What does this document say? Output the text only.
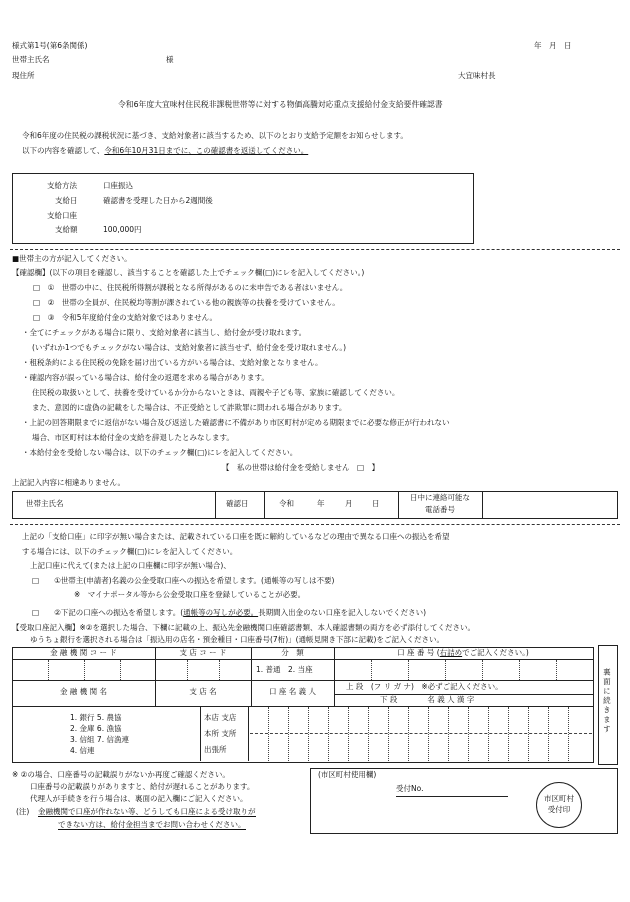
様式第1号(第6条関係)	年　月　日
世帯主氏名	様
現住所	大宜味村長
令和6年度大宜味村住民税非課税世帯等に対する物価高騰対応重点支援給付金支給要件確認書
令和6年度の住民税の課税状況に基づき、支給対象者に該当するため、以下のとおり支給予定額をお知らせします。
以下の内容を確認して、令和6年10月31日までに、この確認書を返送してください。
支給方法	口座振込
支給日	確認書を受理した日から2週間後
支給口座
支給額	100,000円
■世帯主の方が記入してください。
【確認欄】(以下の項目を確認し、該当することを確認した上でチェック欄(□)にレを記入してください。)
□　①　世帯の中に、住民税所得割が課税となる所得があるのに未申告である者はいません。
□　②　世帯の全員が、住民税均等割が課されている他の親族等の扶養を受けていません。
□　③　令和5年度給付金の支給対象ではありません。
・全てにチェックがある場合に限り、支給対象者に該当し、給付金が受け取れます。
(いずれか1つでもチェックがない場合は、支給対象者に該当せず、給付金を受け取れません。)
・租税条約による住民税の免除を届け出ている方がいる場合は、支給対象となりません。
・確認内容が誤っている場合は、給付金の返還を求める場合があります。
住民税の取扱いとして、扶養を受けているか分からないときは、両親や子ども等、家族に確認してください。
また、意図的に虚偽の記載をした場合は、不正受給として詐欺罪に問われる場合があります。
・上記の回答期限までに返信がない場合及び返送した確認書に不備があり市区町村が定める期限までに必要な修正が行われない
場合、市区町村は本給付金の支給を辞退したとみなします。
・本給付金を受給しない場合は、以下のチェック欄(□)にレを記入してください。
【　私の世帯は給付金を受給しません　□　】
上記記入内容に相違ありません。
世帯主氏名	確認日	令和	年	月	日
日中に連絡可能な
電話番号
上記の「支給口座」に印字が無い場合または、記載されている口座を既に解約しているなどの理由で異なる口座への振込を希望
する場合には、以下のチェック欄(□)にレを記入してください。
上記口座に代えて(または上記の口座欄に印字が無い場合)、
□　　①世帯主(申請者)名義の公金受取口座への振込を希望します。(通帳等の写しは不要)
※　マイナポータル等から公金受取口座を登録していることが必要。
□　　②下記の口座への振込を希望します。(通帳等の写しが必要。長期間入出金のない口座を記入しないでください)
【受取口座記入欄】※②を選択した場合、下欄に記載の上、振込先金融機関口座確認書類、本人確認書類の両方を必ず添付してください。
ゆうちょ銀行を選択される場合は「振込用の店名・預金種目・口座番号(7桁)」(通帳見開き下部に記載)をご記入ください。
金 融 機 関 コ ー ド	支 店 コ ー ド	分　類	口 座 番 号 (右詰めでご記入ください。)
1. 普通　2. 当座
金 融 機 関 名	支 店 名	口 座 名 義 人
上 段　(フ リ ガ ナ)　※必ずご記入ください。
下 段　　　　名 義 人 漢 字
1. 銀行 5. 農協
2. 金庫 6. 漁協
3. 信組 7. 信漁連
4. 信連
本店 支店
本所 支所
出張所
裏面に続きます
※ ②の場合、口座番号の記載誤りがないか再度ご確認ください。
口座番号の記載誤りがありますと、給付が遅れることがあります。
代理人が手続きを行う場合は、裏面の記入欄にご記入ください。
(注) 金融機関で口座が作れない等、どうしても口座による受け取りが
できない方は、給付金担当までお問い合わせください。
(市区町村使用欄)
受付No.
市区町村
受付印
